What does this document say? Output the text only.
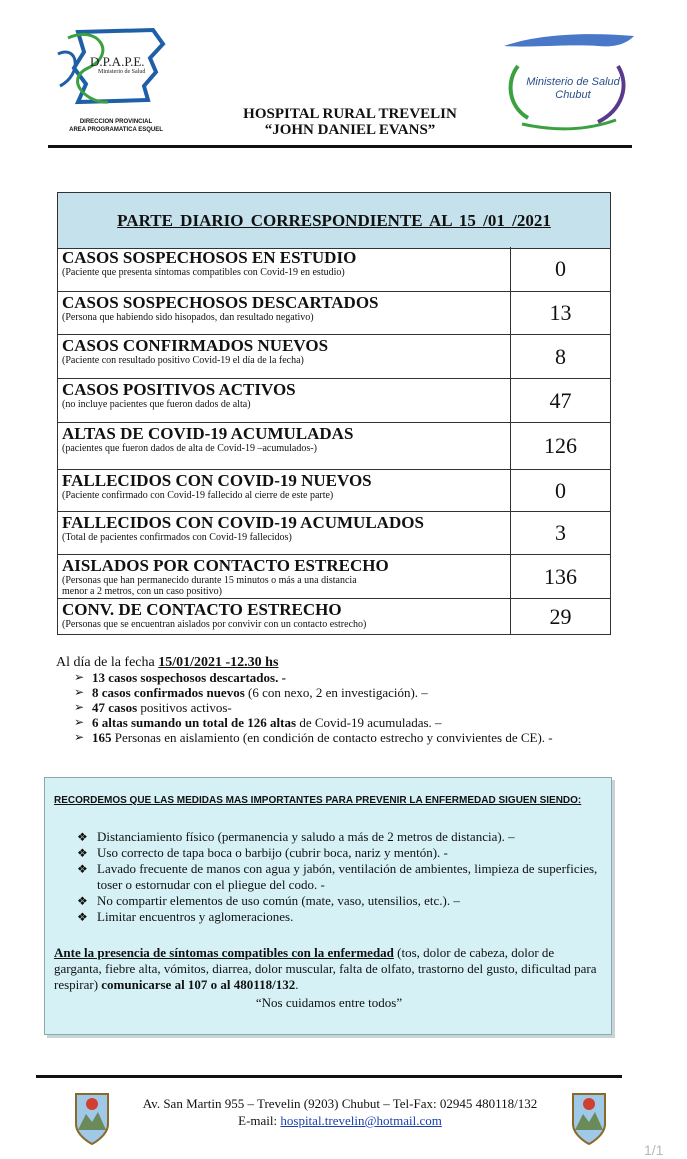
D.P.A.P.E.
Ministerio de Salud
DIRECCION PROVINCIAL
AREA PROGRAMATICA ESQUEL
Ministerio de Salud
Chubut
HOSPITAL RURAL TREVELIN
“JOHN DANIEL EVANS”
PARTE DIARIO CORRESPONDIENTE AL 15 /01 /2021
CASOS SOSPECHOSOS EN ESTUDIO
(Paciente que presenta síntomas compatibles con Covid-19 en estudio)	0
CASOS SOSPECHOSOS DESCARTADOS
(Persona que habiendo sido hisopados, dan resultado negativo)	13
CASOS CONFIRMADOS NUEVOS
(Paciente con resultado positivo Covid-19 el día de la fecha)	8
CASOS POSITIVOS ACTIVOS
(no incluye pacientes que fueron dados de alta)	47
ALTAS DE COVID-19 ACUMULADAS
(pacientes que fueron dados de alta de Covid-19 –acumulados-)	126
FALLECIDOS CON COVID-19 NUEVOS
(Paciente confirmado con Covid-19 fallecido al cierre de este parte)	0
FALLECIDOS CON COVID-19 ACUMULADOS
(Total de pacientes confirmados con Covid-19 fallecidos)	3
AISLADOS POR CONTACTO ESTRECHO
(Personas que han permanecido durante 15 minutos o más a una distancia
menor a 2 metros, con un caso positivo)
136
CONV. DE CONTACTO ESTRECHO
(Personas que se encuentran aislados por convivir con un contacto estrecho)	29
Al día de la fecha 15/01/2021 -12.30 hs
➢ 13 casos sospechosos descartados. -
➢ 8 casos confirmados nuevos (6 con nexo, 2 en investigación). –
➢ 47 casos positivos activos-
➢ 6 altas sumando un total de 126 altas de Covid-19 acumuladas. –
➢ 165 Personas en aislamiento (en condición de contacto estrecho y convivientes de CE). -
RECORDEMOS QUE LAS MEDIDAS MAS IMPORTANTES PARA PREVENIR LA ENFERMEDAD SIGUEN SIENDO:
❖ Distanciamiento físico (permanencia y saludo a más de 2 metros de distancia). –
❖ Uso correcto de tapa boca o barbijo (cubrir boca, nariz y mentón). -
❖ Lavado frecuente de manos con agua y jabón, ventilación de ambientes, limpieza de superficies, toser o estornudar con el pliegue del codo. -
❖ No compartir elementos de uso común (mate, vaso, utensilios, etc.). –
❖ Limitar encuentros y aglomeraciones.
Ante la presencia de síntomas compatibles con la enfermedad (tos, dolor de cabeza, dolor de garganta, fiebre alta, vómitos, diarrea, dolor muscular, falta de olfato, trastorno del gusto, dificultad para respirar) comunicarse al 107 o al 480118/132.
“Nos cuidamos entre todos”
Av. San Martin 955 – Trevelin (9203) Chubut – Tel-Fax: 02945 480118/132
E-mail: hospital.trevelin@hotmail.com
1/1
